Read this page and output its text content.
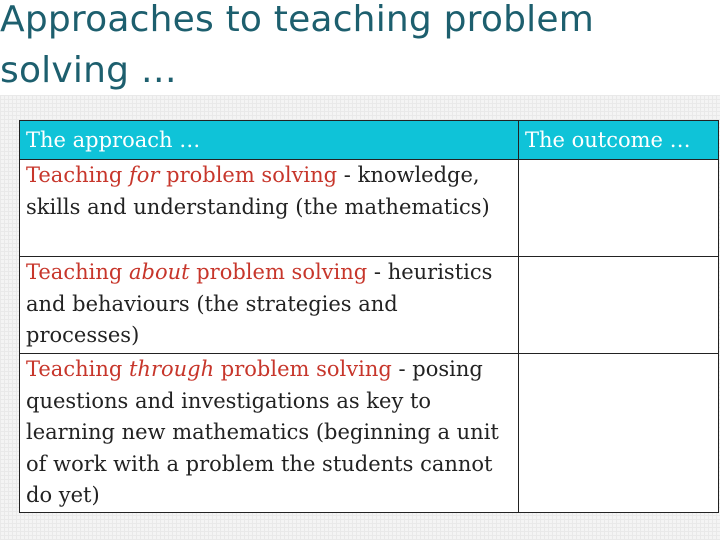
Approaches to teaching problem solving …
The approach …	The outcome …
Teaching for problem solving - knowledge, skills and understanding (the mathematics)	
Teaching about problem solving - heuristics and behaviours (the strategies and processes)	
Teaching through problem solving - posing questions and investigations as key to learning new mathematics (beginning a unit of work with a problem the students cannot do yet)	
